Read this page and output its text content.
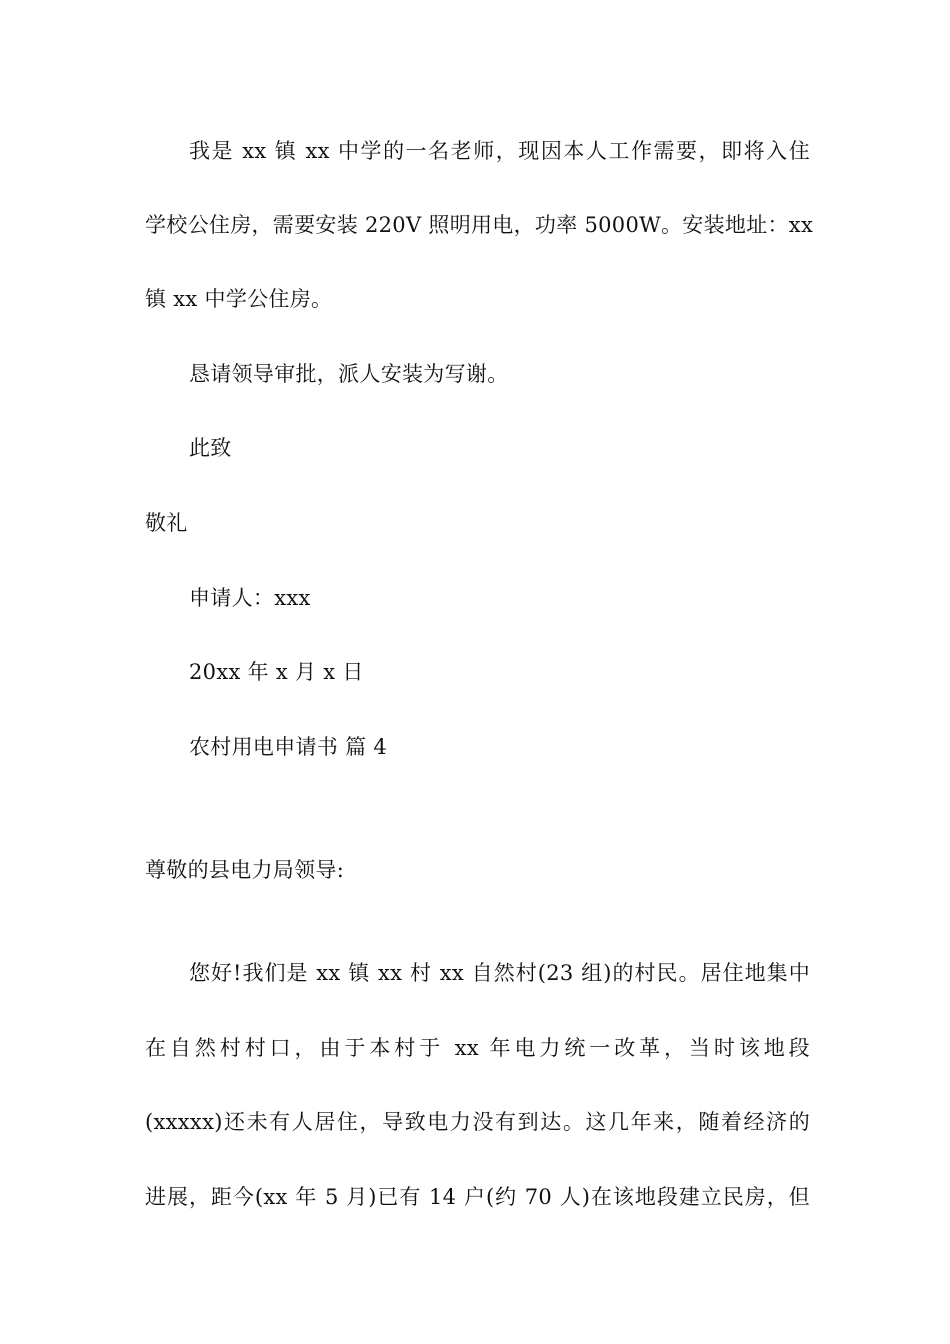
我是 xx 镇 xx 中学的一名老师，现因本人工作需要，即将入住
学校公住房，需要安装 220V 照明用电，功率 5000W。安装地址：xx
镇 xx 中学公住房。
恳请领导审批，派人安装为写谢。
此致
敬礼
申请人：xxx
20xx 年 x 月 x 日
农村用电申请书 篇 4
尊敬的县电力局领导:
您好!我们是 xx 镇 xx 村 xx 自然村(23 组)的村民。居住地集中
在自然村村口，由于本村于 xx 年电力统一改革，当时该地段
(xxxxx)还未有人居住，导致电力没有到达。这几年来，随着经济的
进展，距今(xx 年 5 月)已有 14 户(约 70 人)在该地段建立民房，但
